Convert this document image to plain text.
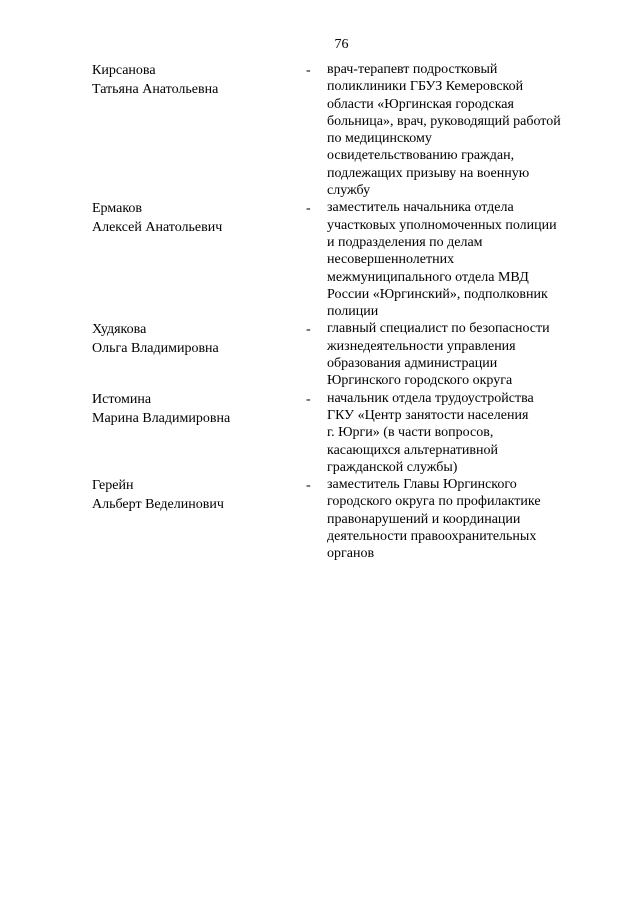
76
Кирсанова
Татьяна Анатольевна
- врач-терапевт подростковый
поликлиники ГБУЗ Кемеровской
области «Юргинская городская
больница», врач, руководящий работой
по медицинскому
освидетельствованию граждан,
подлежащих призыву на военную
службу
Ермаков
Алексей Анатольевич
- заместитель начальника отдела
участковых уполномоченных полиции
и подразделения по делам
несовершеннолетних
межмуниципального отдела МВД
России «Юргинский», подполковник
полиции
Худякова
Ольга Владимировна
- главный специалист по безопасности
жизнедеятельности управления
образования администрации
Юргинского городского округа
Истомина
Марина Владимировна
- начальник отдела трудоустройства
ГКУ «Центр занятости населения
г. Юрги» (в части вопросов,
касающихся альтернативной
гражданской службы)
Герейн
Альберт Веделинович
- заместитель Главы Юргинского
городского округа по профилактике
правонарушений и координации
деятельности правоохранительных
органов
